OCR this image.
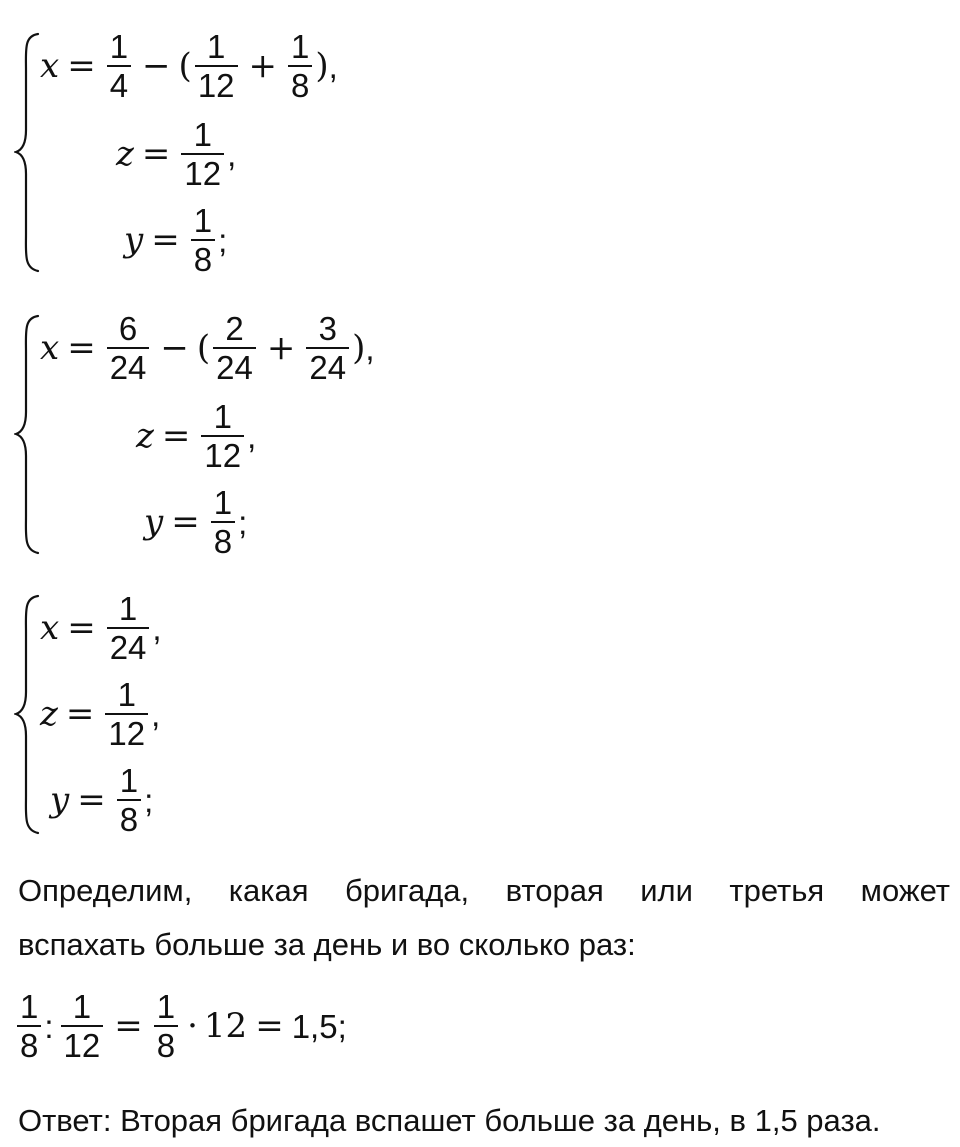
$x = \frac{1}{4}$ − ( $\frac{1}{12} + \frac{1}{8}$ ) ,
$z = \frac{1}{12}$ ,
$y = \frac{1}{8}$ ;
$x = \frac{6}{24}$ − ( $\frac{2}{24} + \frac{3}{24}$ ) ,
$z = \frac{1}{12}$ ,
$y = \frac{1}{8}$ ;
$x = \frac{1}{24}$ ,
$z = \frac{1}{12}$ ,
$y = \frac{1}{8}$ ;
Определим, какая бригада, вторая или третья может
вспахать больше за день и во сколько раз:
$\frac{1}{8}$ : $\frac{1}{12} = \frac{1}{8} \cdot 12 = 1,5$ ;
Ответ: Вторая бригада вспашет больше за день, в 1,5 раза.
